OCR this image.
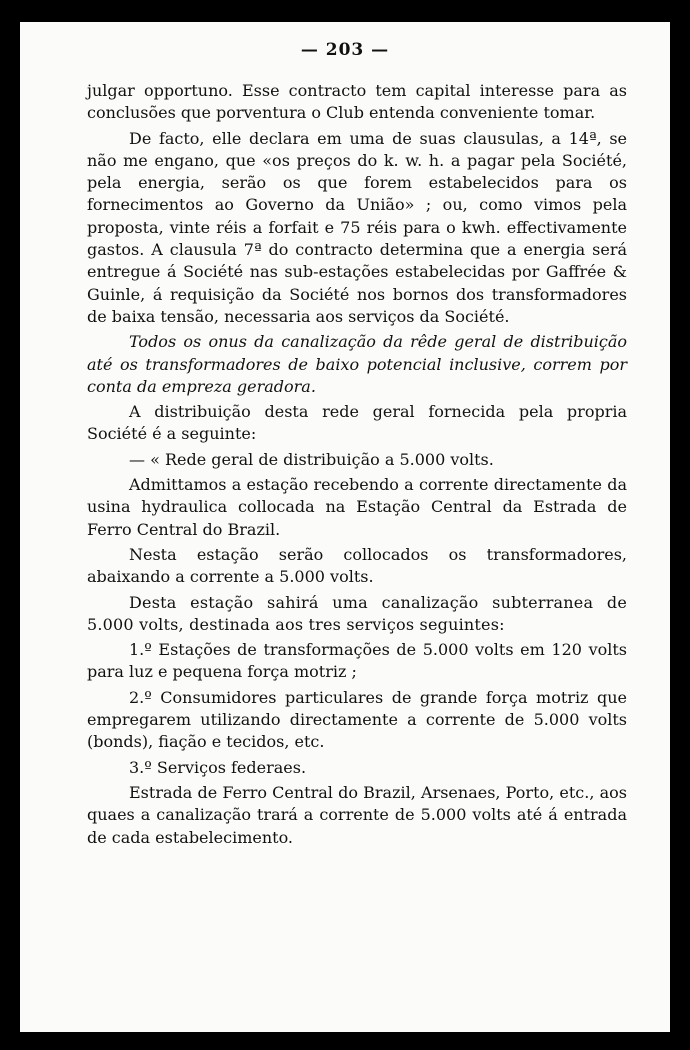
— 203 —

julgar opportuno. Esse contracto tem capital interesse para as conclusões que porventura o Club entenda conveniente tomar.

De facto, elle declara em uma de suas clausulas, a 14ª, se não me engano, que «os preços do k. w. h. a pagar pela Société, pela energia, serão os que forem estabelecidos para os fornecimentos ao Governo da União» ; ou, como vimos pela proposta, vinte réis a forfait e 75 réis para o kwh. effectivamente gastos. A clausula 7ª do contracto determina que a energia será entregue á Société nas sub-estações estabelecidas por Gaffrée & Guinle, á requisição da Société nos bornos dos transformadores de baixa tensão, necessaria aos serviços da Société.

Todos os onus da canalização da rêde geral de distribuição até os transformadores de baixo potencial inclusive, correm por conta da empreza geradora.

A distribuição desta rede geral fornecida pela propria Société é a seguinte:

— « Rede geral de distribuição a 5.000 volts.

Admittamos a estação recebendo a corrente directamente da usina hydraulica collocada na Estação Central da Estrada de Ferro Central do Brazil.

Nesta estação serão collocados os transformadores, abaixando a corrente a 5.000 volts.

Desta estação sahirá uma canalização subterranea de 5.000 volts, destinada aos tres serviços seguintes:

1.º Estações de transformações de 5.000 volts em 120 volts para luz e pequena força motriz ;

2.º Consumidores particulares de grande força motriz que empregarem utilizando directamente a corrente de 5.000 volts (bonds), fiação e tecidos, etc.

3.º Serviços federaes.

Estrada de Ferro Central do Brazil, Arsenaes, Porto, etc., aos quaes a canalização trará a corrente de 5.000 volts até á entrada de cada estabelecimento.
